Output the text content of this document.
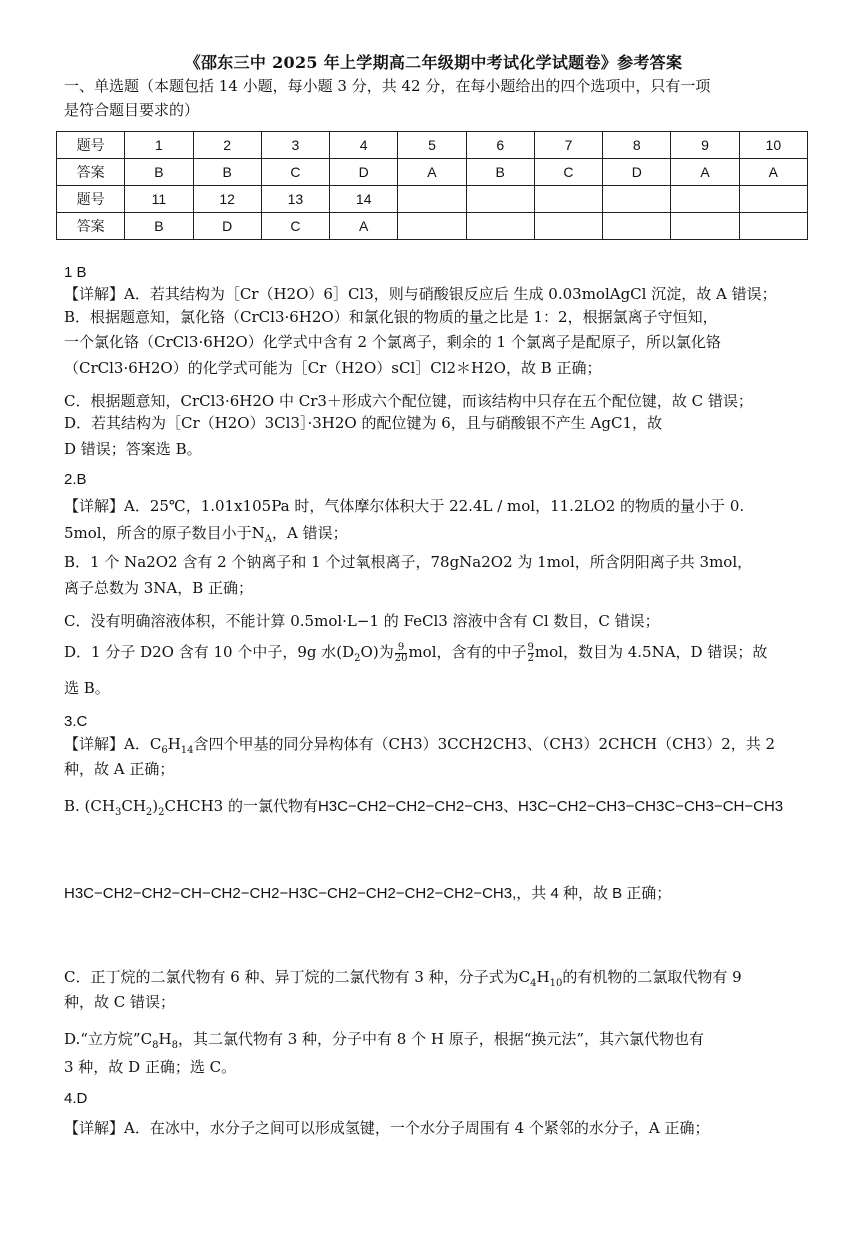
《邵东三中 2025 年上学期高二年级期中考试化学试题卷》参考答案
一、单选题（本题包括 14 小题，每小题 3 分，共 42 分，在每小题给出的四个选项中，只有一项
是符合题目要求的）
题号	1	2	3	4	5	6	7	8	9	10
答案	B	B	C	D	A	B	C	D	A	A
题号	11	12	13	14						
答案	B	D	C	A						
1 B
【详解】A．若其结构为［Cr（H2O）6］Cl3，则与硝酸银反应后 生成 0.03molAgCl 沉淀，故 A 错误；
B．根据题意知，氯化铬（CrCl3·6H2O）和氯化银的物质的量之比是 1：2，根据氯离子守恒知，
一个氯化铬（CrCl3·6H2O）化学式中含有 2 个氯离子，剩余的 1 个氯离子是配原子，所以氯化铬
（CrCl3·6H2O）的化学式可能为［Cr（H2O）sCl］Cl2＊H2O，故 B 正确；
C．根据题意知，CrCl3·6H2O 中 Cr3＋形成六个配位键，而该结构中只存在五个配位键，故 C 错误；
D．若其结构为［Cr（H2O）3Cl3］·3H2O 的配位键为 6，且与硝酸银不产生 AgC1，故
D 错误；答案选 B。
2.B
【详解】A．25℃，1.01x105Pa 时，气体摩尔体积大于 22.4L / mol，11.2LO2 的物质的量小于 0.
5mol，所含的原子数目小于$N_A$，A 错误；
B．1 个 Na2O2 含有 2 个钠离子和 1 个过氧根离子，78gNa2O2 为 1mol，所含阴阳离子共 3mol，
离子总数为 3NA，B 正确；
C．没有明确溶液体积，不能计算 0.5mol·L−1 的 FeCl3 溶液中含有 Cl 数目，C 错误；
D．1 分子 D2O 含有 10 个中子，9g 水$(D_2O)$为 $\frac{9}{20}$ mol，含有的中子 $\frac{9}{2}$ mol，数目为 4.5NA，D 错误；故
选 B。
3.C
【详解】A．$C_6H_{14}$含四个甲基的同分异构体有（CH3）3CCH2CH3、（CH3）2CHCH（CH3）2，共 2
种，故 A 正确；
B. $(CH_3CH_2)_2CHCH3$ 的一氯代物有H3C−CH2−CH2−CH2−CH3、H3C−CH2−CH3−CH3C−CH3−CH−CH3
H3C−CH2−CH2−CH−CH2−CH2−H3C−CH2−CH2−CH2−CH2−CH3,，共 4 种，故 B 正确；
C．正丁烷的二氯代物有 6 种、异丁烷的二氯代物有 3 种，分子式为$C_4H_{10}$的有机物的二氯取代物有 9
种，故 C 错误；
D.“立方烷$”C_8H_8$，其二氯代物有 3 种，分子中有 8 个 H 原子，根据“换元法”，其六氯代物也有
3 种，故 D 正确；选 C。
4.D
【详解】A．在冰中，水分子之间可以形成氢键，一个水分子周围有 4 个紧邻的水分子，A 正确；
